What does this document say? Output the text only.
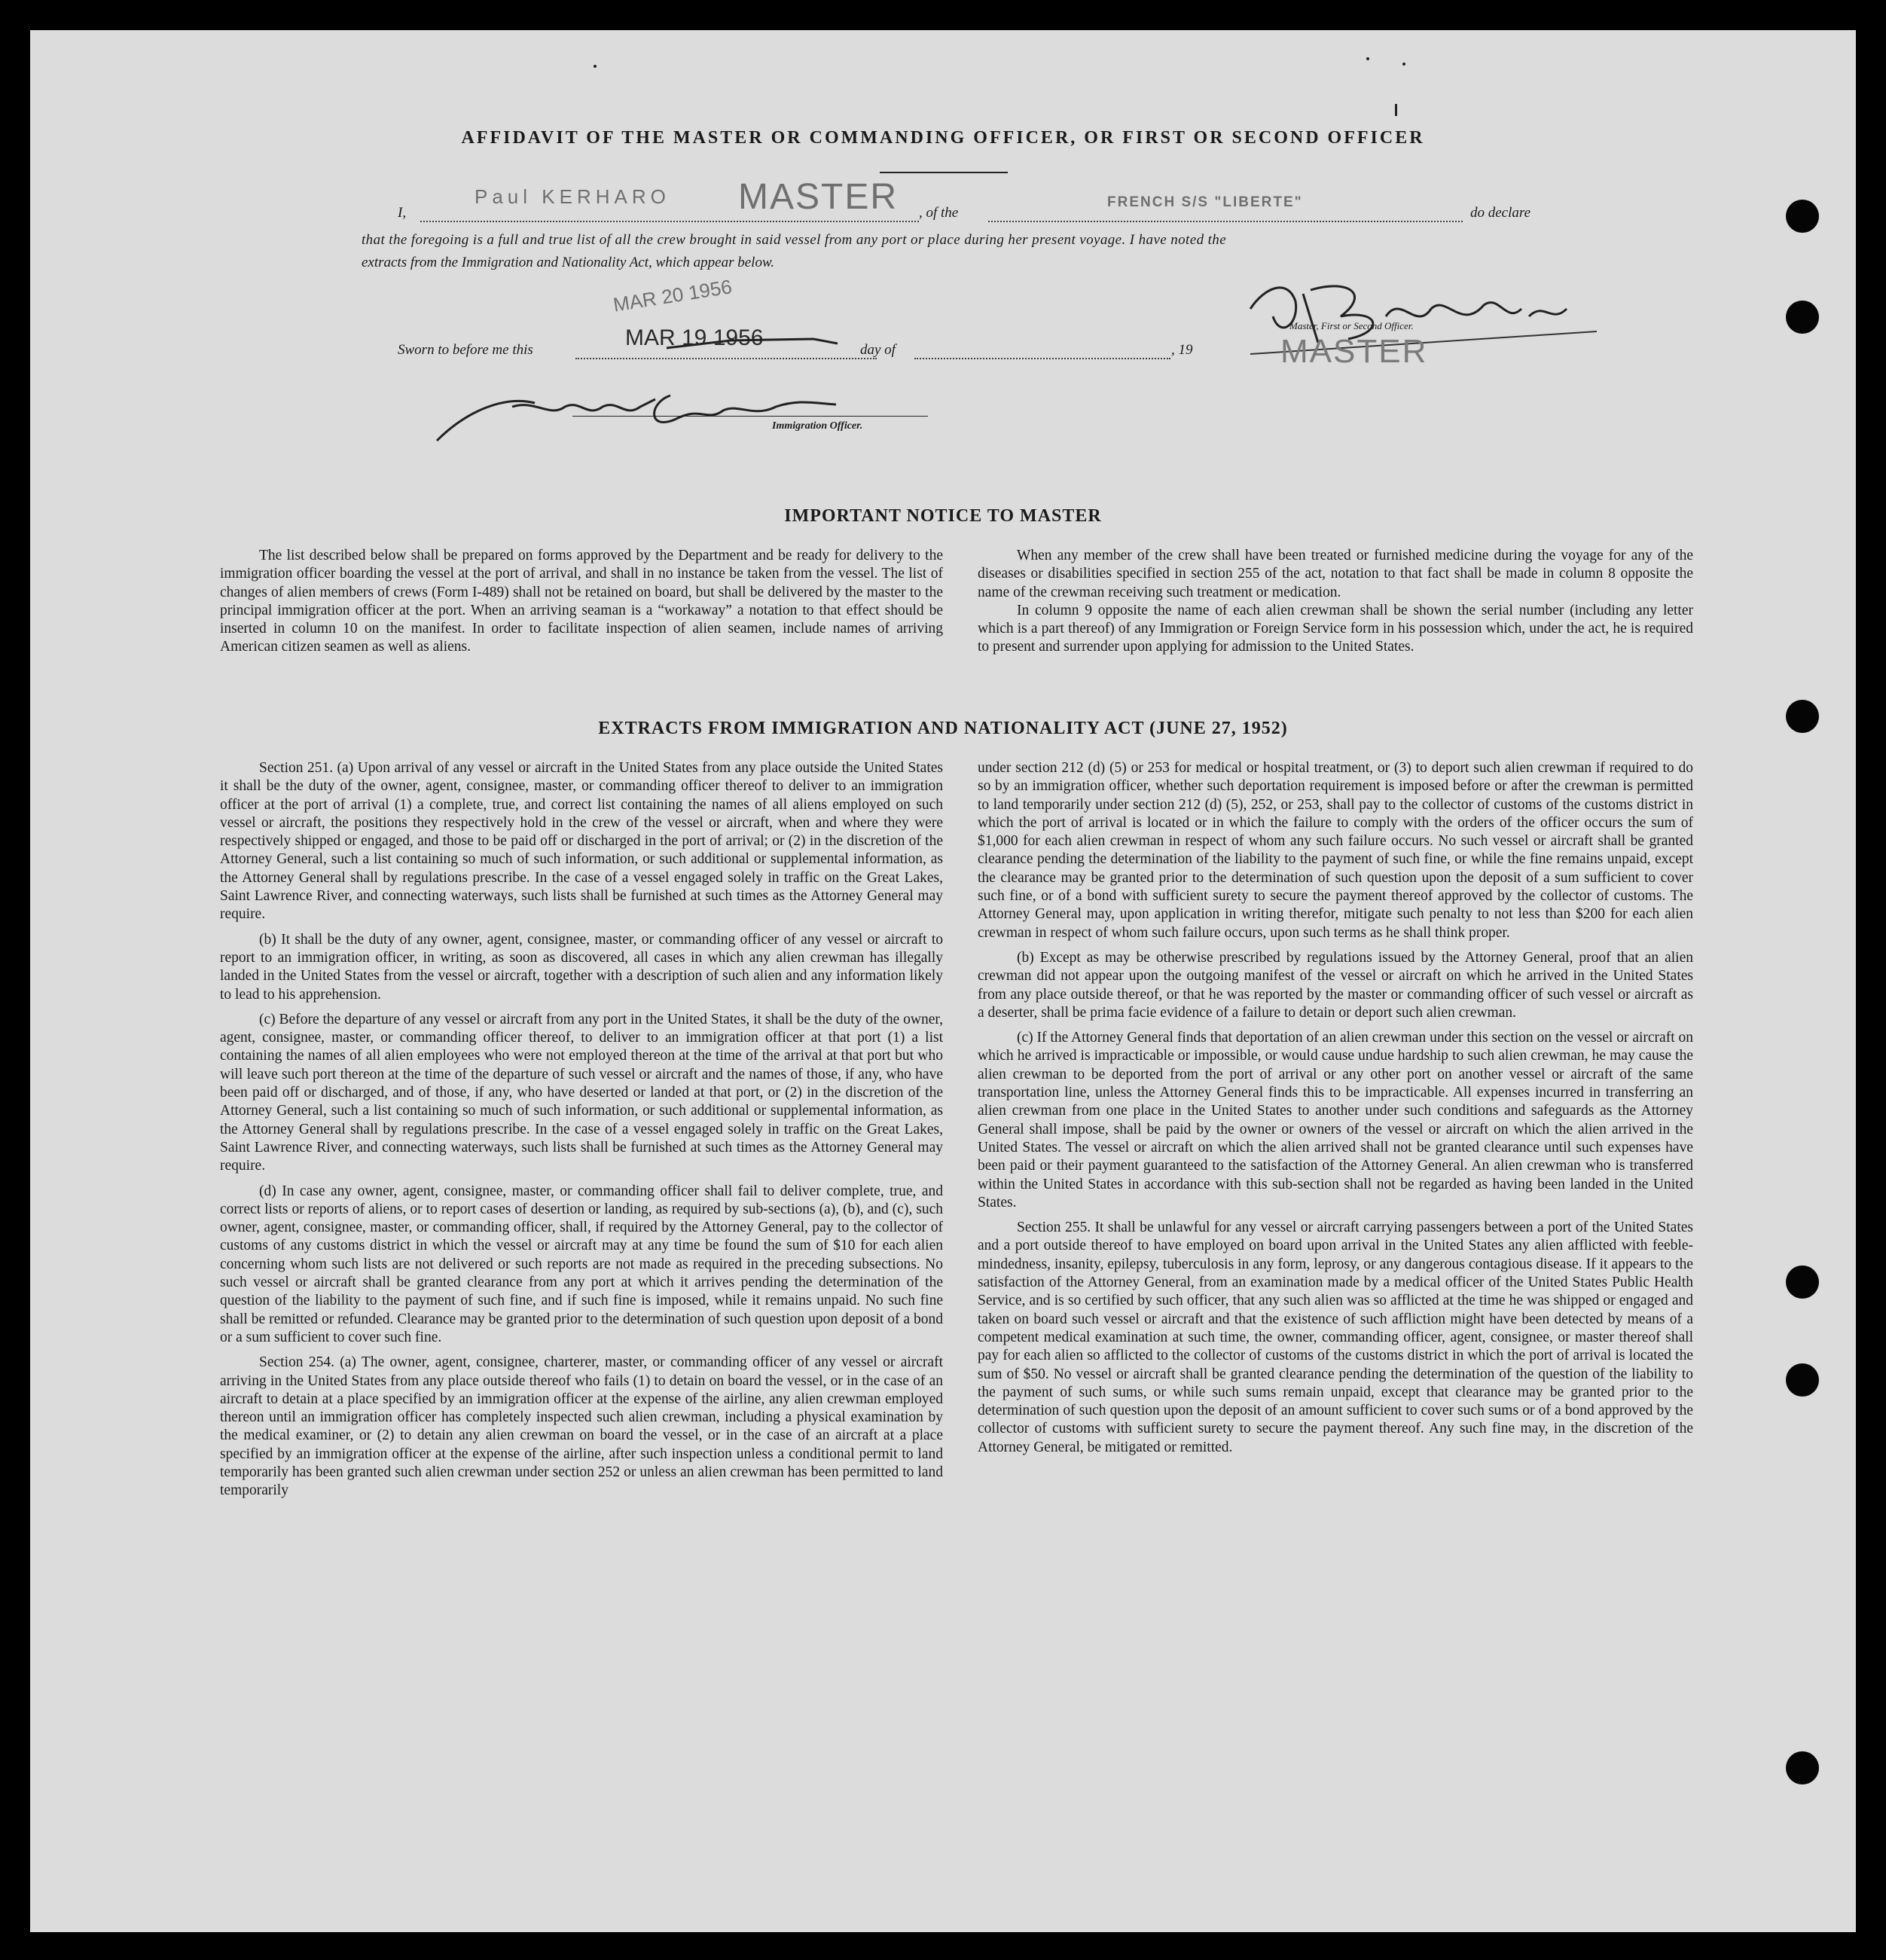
AFFIDAVIT OF THE MASTER OR COMMANDING OFFICER, OR FIRST OR SECOND OFFICER
I,
Paul KERHARO MASTER , of the
FRENCH S/S "LIBERTE"
do declare
that the foregoing is a full and true list of all the crew brought in said vessel from any port or place during her present voyage. I have noted the
extracts from the Immigration and Nationality Act, which appear below.
MAR 20 1956
Sworn to before me this	MAR 19 1956	day of	, 19
Master, First or Second Officer.
MASTER
Immigration Officer.
IMPORTANT NOTICE TO MASTER

The list described below shall be prepared on forms approved by the Department and be ready for delivery to the immigration officer boarding the vessel at the port of arrival, and shall in no instance be taken from the vessel. The list of changes of alien members of crews (Form I-489) shall not be retained on board, but shall be delivered by the master to the principal immigration officer at the port. When an arriving seaman is a “workaway” a notation to that effect should be inserted in column 10 on the manifest. In order to facilitate inspection of alien seamen, include names of arriving American citizen seamen as well as aliens.

When any member of the crew shall have been treated or furnished medicine during the voyage for any of the diseases or disabilities specified in section 255 of the act, notation to that fact shall be made in column 8 opposite the name of the crewman receiving such treatment or medication.

In column 9 opposite the name of each alien crewman shall be shown the serial number (including any letter which is a part thereof) of any Immigration or Foreign Service form in his possession which, under the act, he is required to present and surrender upon applying for admission to the United States.

EXTRACTS FROM IMMIGRATION AND NATIONALITY ACT (JUNE 27, 1952)

Section 251. (a) Upon arrival of any vessel or aircraft in the United States from any place outside the United States it shall be the duty of the owner, agent, consignee, master, or commanding officer thereof to deliver to an immigration officer at the port of arrival (1) a complete, true, and correct list containing the names of all aliens employed on such vessel or aircraft, the positions they respectively hold in the crew of the vessel or aircraft, when and where they were respectively shipped or engaged, and those to be paid off or discharged in the port of arrival; or (2) in the discretion of the Attorney General, such a list containing so much of such information, or such additional or supplemental information, as the Attorney General shall by regulations prescribe. In the case of a vessel engaged solely in traffic on the Great Lakes, Saint Lawrence River, and connecting waterways, such lists shall be furnished at such times as the Attorney General may require.

(b) It shall be the duty of any owner, agent, consignee, master, or commanding officer of any vessel or aircraft to report to an immigration officer, in writing, as soon as discovered, all cases in which any alien crewman has illegally landed in the United States from the vessel or aircraft, together with a description of such alien and any information likely to lead to his apprehension.

(c) Before the departure of any vessel or aircraft from any port in the United States, it shall be the duty of the owner, agent, consignee, master, or commanding officer thereof, to deliver to an immigration officer at that port (1) a list containing the names of all alien employees who were not employed thereon at the time of the arrival at that port but who will leave such port thereon at the time of the departure of such vessel or aircraft and the names of those, if any, who have been paid off or discharged, and of those, if any, who have deserted or landed at that port, or (2) in the discretion of the Attorney General, such a list containing so much of such information, or such additional or supplemental information, as the Attorney General shall by regulations prescribe. In the case of a vessel engaged solely in traffic on the Great Lakes, Saint Lawrence River, and connecting waterways, such lists shall be furnished at such times as the Attorney General may require.

(d) In case any owner, agent, consignee, master, or commanding officer shall fail to deliver complete, true, and correct lists or reports of aliens, or to report cases of desertion or landing, as required by sub-sections (a), (b), and (c), such owner, agent, consignee, master, or commanding officer, shall, if required by the Attorney General, pay to the collector of customs of any customs district in which the vessel or aircraft may at any time be found the sum of $10 for each alien concerning whom such lists are not delivered or such reports are not made as required in the preceding subsections. No such vessel or aircraft shall be granted clearance from any port at which it arrives pending the determination of the question of the liability to the payment of such fine, and if such fine is imposed, while it remains unpaid. No such fine shall be remitted or refunded. Clearance may be granted prior to the determination of such question upon deposit of a bond or a sum sufficient to cover such fine.

Section 254. (a) The owner, agent, consignee, charterer, master, or commanding officer of any vessel or aircraft arriving in the United States from any place outside thereof who fails (1) to detain on board the vessel, or in the case of an aircraft to detain at a place specified by an immigration officer at the expense of the airline, any alien crewman employed thereon until an immigration officer has completely inspected such alien crewman, including a physical examination by the medical examiner, or (2) to detain any alien crewman on board the vessel, or in the case of an aircraft at a place specified by an immigration officer at the expense of the airline, after such inspection unless a conditional permit to land temporarily has been granted such alien crewman under section 252 or unless an alien crewman has been permitted to land temporarily

under section 212 (d) (5) or 253 for medical or hospital treatment, or (3) to deport such alien crewman if required to do so by an immigration officer, whether such deportation requirement is imposed before or after the crewman is permitted to land temporarily under section 212 (d) (5), 252, or 253, shall pay to the collector of customs of the customs district in which the port of arrival is located or in which the failure to comply with the orders of the officer occurs the sum of $1,000 for each alien crewman in respect of whom any such failure occurs. No such vessel or aircraft shall be granted clearance pending the determination of the liability to the payment of such fine, or while the fine remains unpaid, except the clearance may be granted prior to the determination of such question upon the deposit of a sum sufficient to cover such fine, or of a bond with sufficient surety to secure the payment thereof approved by the collector of customs. The Attorney General may, upon application in writing therefor, mitigate such penalty to not less than $200 for each alien crewman in respect of whom such failure occurs, upon such terms as he shall think proper.

(b) Except as may be otherwise prescribed by regulations issued by the Attorney General, proof that an alien crewman did not appear upon the outgoing manifest of the vessel or aircraft on which he arrived in the United States from any place outside thereof, or that he was reported by the master or commanding officer of such vessel or aircraft as a deserter, shall be prima facie evidence of a failure to detain or deport such alien crewman.

(c) If the Attorney General finds that deportation of an alien crewman under this section on the vessel or aircraft on which he arrived is impracticable or impossible, or would cause undue hardship to such alien crewman, he may cause the alien crewman to be deported from the port of arrival or any other port on another vessel or aircraft of the same transportation line, unless the Attorney General finds this to be impracticable. All expenses incurred in transferring an alien crewman from one place in the United States to another under such conditions and safeguards as the Attorney General shall impose, shall be paid by the owner or owners of the vessel or aircraft on which the alien arrived in the United States. The vessel or aircraft on which the alien arrived shall not be granted clearance until such expenses have been paid or their payment guaranteed to the satisfaction of the Attorney General. An alien crewman who is transferred within the United States in accordance with this sub-section shall not be regarded as having been landed in the United States.

Section 255. It shall be unlawful for any vessel or aircraft carrying passengers between a port of the United States and a port outside thereof to have employed on board upon arrival in the United States any alien afflicted with feeble-mindedness, insanity, epilepsy, tuberculosis in any form, leprosy, or any dangerous contagious disease. If it appears to the satisfaction of the Attorney General, from an examination made by a medical officer of the United States Public Health Service, and is so certified by such officer, that any such alien was so afflicted at the time he was shipped or engaged and taken on board such vessel or aircraft and that the existence of such affliction might have been detected by means of a competent medical examination at such time, the owner, commanding officer, agent, consignee, or master thereof shall pay for each alien so afflicted to the collector of customs of the customs district in which the port of arrival is located the sum of $50. No vessel or aircraft shall be granted clearance pending the determination of the question of the liability to the payment of such sums, or while such sums remain unpaid, except that clearance may be granted prior to the determination of such question upon the deposit of an amount sufficient to cover such sums or of a bond approved by the collector of customs with sufficient surety to secure the payment thereof. Any such fine may, in the discretion of the Attorney General, be mitigated or remitted.
